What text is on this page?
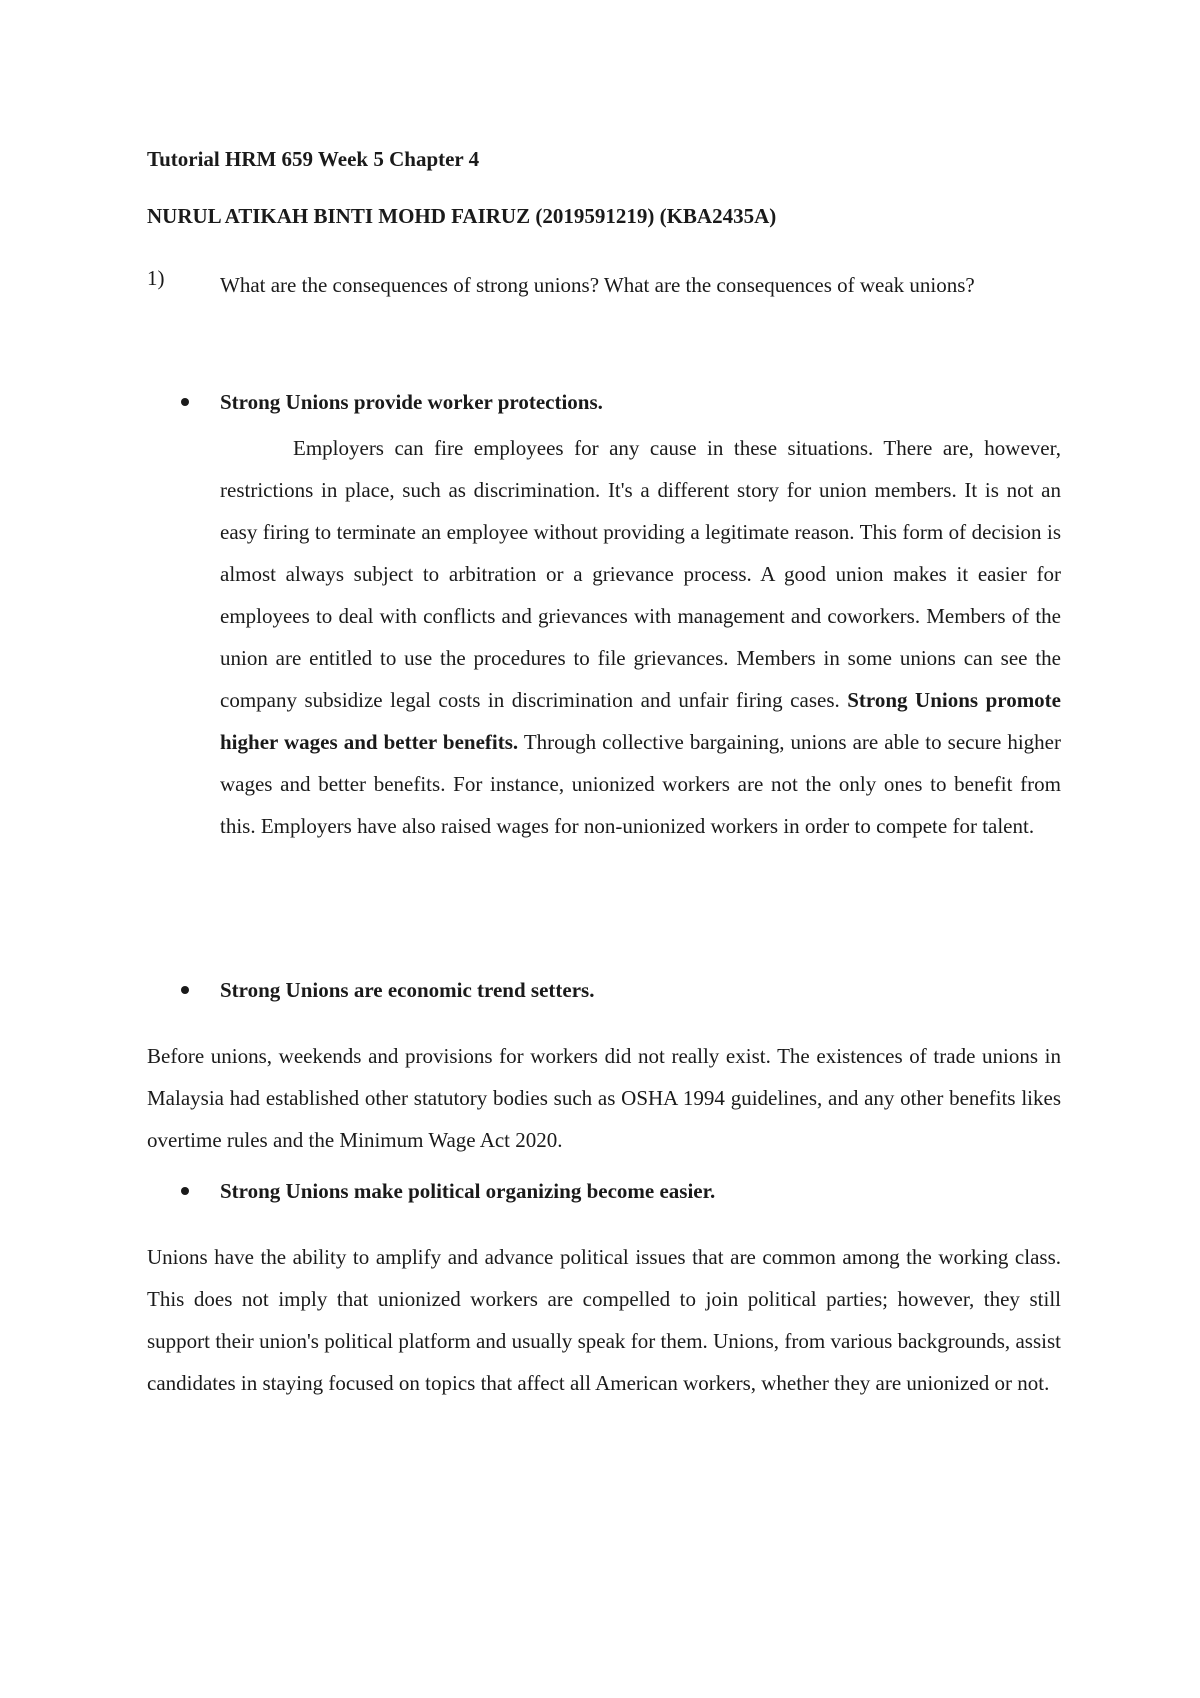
Tutorial HRM 659 Week 5 Chapter 4
NURUL ATIKAH BINTI MOHD FAIRUZ (2019591219) (KBA2435A)
1)	What are the consequences of strong unions? What are the consequences of weak unions?
Strong Unions provide worker protections.

Employers can fire employees for any cause in these situations. There are, however, restrictions in place, such as discrimination. It's a different story for union members. It is not an easy firing to terminate an employee without providing a legitimate reason. This form of decision is almost always subject to arbitration or a grievance process. A good union makes it easier for employees to deal with conflicts and grievances with management and coworkers. Members of the union are entitled to use the procedures to file grievances. Members in some unions can see the company subsidize legal costs in discrimination and unfair firing cases. Strong Unions promote higher wages and better benefits. Through collective bargaining, unions are able to secure higher wages and better benefits. For instance, unionized workers are not the only ones to benefit from this. Employers have also raised wages for non-unionized workers in order to compete for talent.

Strong Unions are economic trend setters.

Before unions, weekends and provisions for workers did not really exist. The existences of trade unions in Malaysia had established other statutory bodies such as OSHA 1994 guidelines, and any other benefits likes overtime rules and the Minimum Wage Act 2020.

Strong Unions make political organizing become easier.

Unions have the ability to amplify and advance political issues that are common among the working class. This does not imply that unionized workers are compelled to join political parties; however, they still support their union's political platform and usually speak for them. Unions, from various backgrounds, assist candidates in staying focused on topics that affect all American workers, whether they are unionized or not.
